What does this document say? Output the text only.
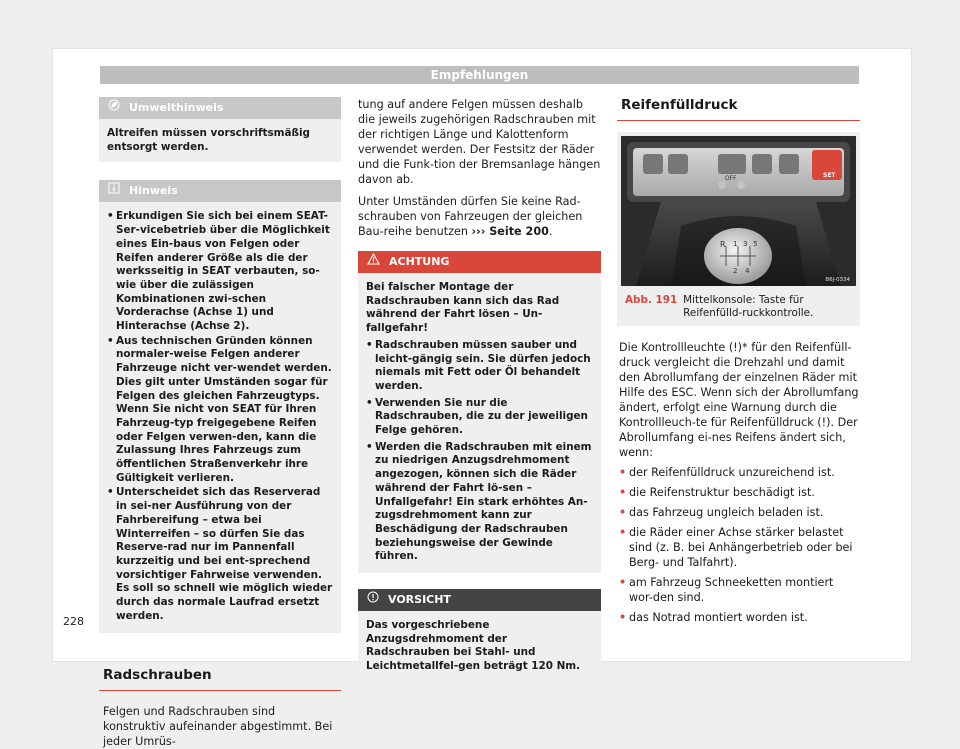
Empfehlungen
Umwelthinweis
Altreifen müssen vorschriftsmäßig entsorgt werden.
Hinweis
• Erkundigen Sie sich bei einem SEAT-Ser-vicebetrieb über die Möglichkeit eines Ein-baus von Felgen oder Reifen anderer Größe als die der werksseitig in SEAT verbauten, so-wie über die zulässigen Kombinationen zwi-schen Vorderachse (Achse 1) und Hinterachse (Achse 2).
• Aus technischen Gründen können normaler-weise Felgen anderer Fahrzeuge nicht ver-wendet werden. Dies gilt unter Umständen sogar für Felgen des gleichen Fahrzeugtyps. Wenn Sie nicht von SEAT für Ihren Fahrzeug-typ freigegebene Reifen oder Felgen verwen-den, kann die Zulassung Ihres Fahrzeugs zum öffentlichen Straßenverkehr ihre Gültigkeit verlieren.
• Unterscheidet sich das Reserverad in sei-ner Ausführung von der Fahrbereifung – etwa bei Winterreifen – so dürfen Sie das Reserve-rad nur im Pannenfall kurzzeitig und bei ent-sprechend vorsichtiger Fahrweise verwenden. Es soll so schnell wie möglich wieder durch das normale Laufrad ersetzt werden.
Radschrauben

Felgen und Radschrauben sind konstruktiv aufeinander abgestimmt. Bei jeder Umrüs-

tung auf andere Felgen müssen deshalb die jeweils zugehörigen Radschrauben mit der richtigen Länge und Kalottenform verwendet werden. Der Festsitz der Räder und die Funk-tion der Bremsanlage hängen davon ab.

Unter Umständen dürfen Sie keine Rad-schrauben von Fahrzeugen der gleichen Bau-reihe benutzen ››› Seite 200.

ACHTUNG
Bei falscher Montage der Radschrauben kann sich das Rad während der Fahrt lösen – Un-fallgefahr!
• Radschrauben müssen sauber und leicht-gängig sein. Sie dürfen jedoch niemals mit Fett oder Öl behandelt werden.
• Verwenden Sie nur die Radschrauben, die zu der jeweiligen Felge gehören.
• Werden die Radschrauben mit einem zu niedrigen Anzugsdrehmoment angezogen, können sich die Räder während der Fahrt lö-sen – Unfallgefahr! Ein stark erhöhtes An-zugsdrehmoment kann zur Beschädigung der Radschrauben beziehungsweise der Gewinde führen.
VORSICHT
Das vorgeschriebene Anzugsdrehmoment der Radschrauben bei Stahl- und Leichtmetallfel-gen beträgt 120 Nm.
Reifenfülldruck
SET
OFF
R 1 3 5
2 4
B6J-0334
Abb. 191 Mittelkonsole: Taste für Reifenfülld-ruckkontrolle.

Die Kontrollleuchte (!)* für den Reifenfüll-druck vergleicht die Drehzahl und damit den Abrollumfang der einzelnen Räder mit Hilfe des ESC. Wenn sich der Abrollumfang ändert, erfolgt eine Warnung durch die Kontrollleuch-te für Reifenfülldruck (!). Der Abrollumfang ei-nes Reifens ändert sich, wenn:

• der Reifenfülldruck unzureichend ist.
• die Reifenstruktur beschädigt ist.
• das Fahrzeug ungleich beladen ist.
• die Räder einer Achse stärker belastet sind (z. B. bei Anhängerbetrieb oder bei Berg- und Talfahrt).
• am Fahrzeug Schneeketten montiert wor-den sind.
• das Notrad montiert worden ist.
228
